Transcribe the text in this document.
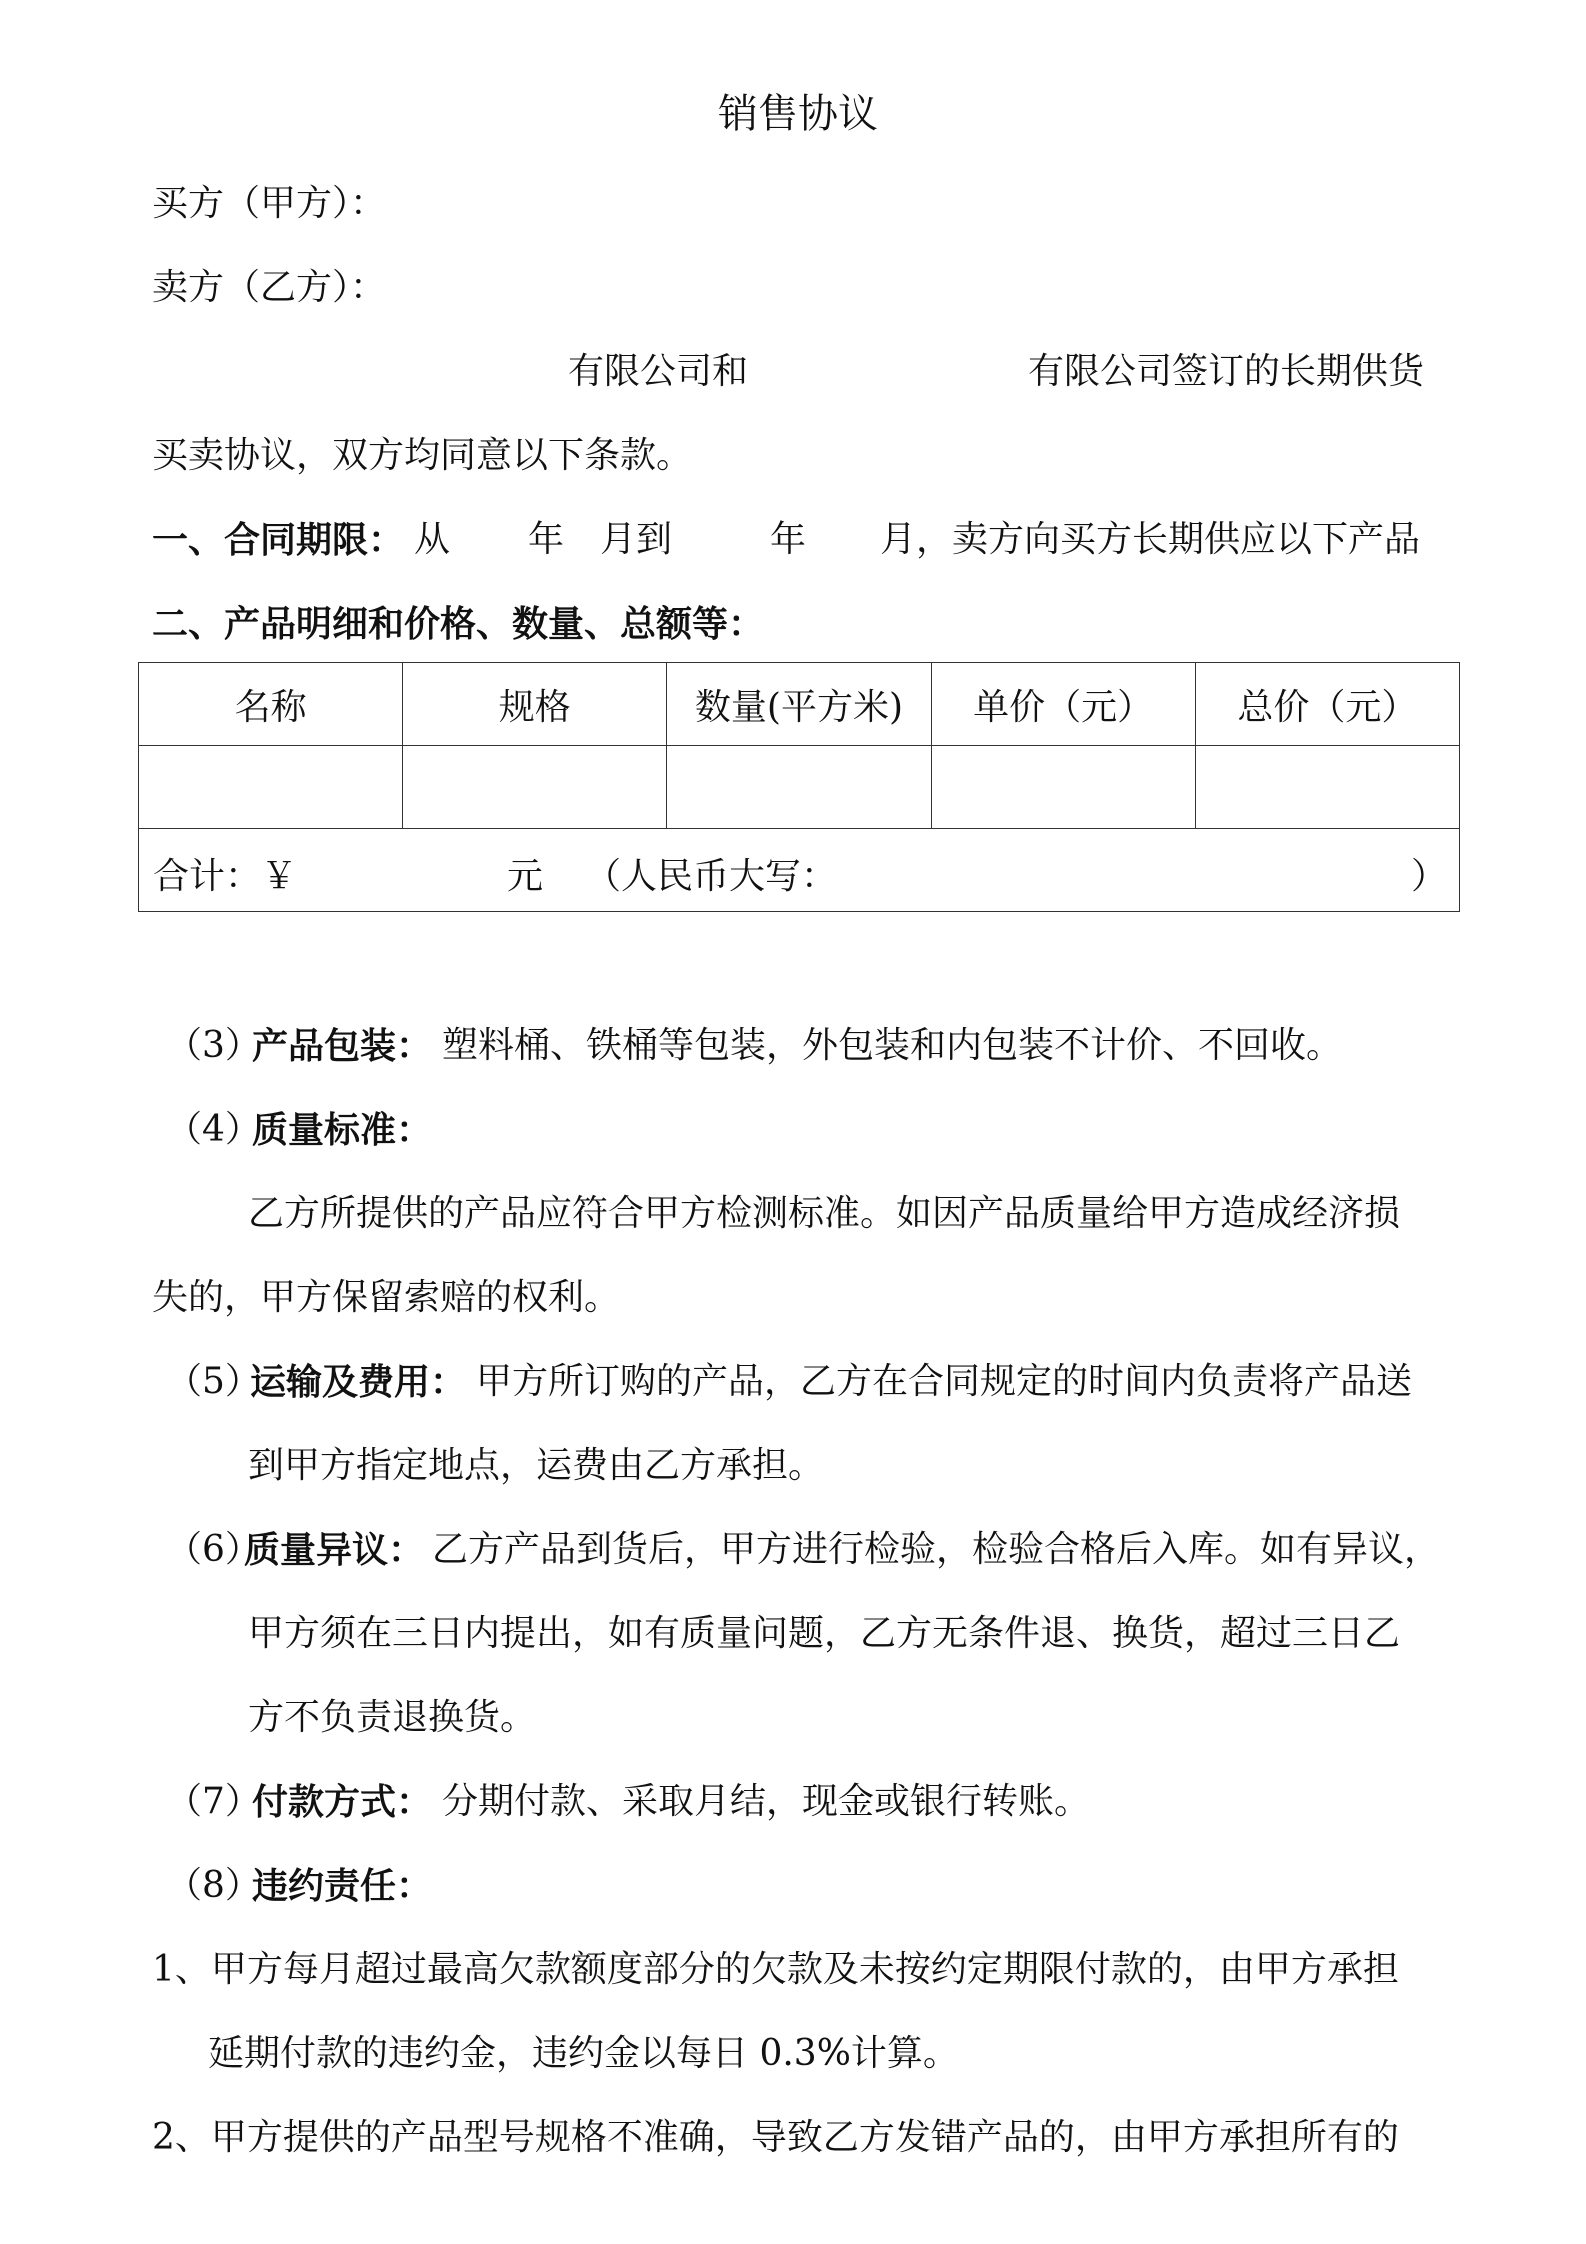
销售协议
买方（甲方）：
卖方（乙方）：
有限公司和	有限公司签订的长期供货
买卖协议，双方均同意以下条款。
一、合同期限： 从 年 月到	年 月，卖方向买方长期供应以下产品
二、产品明细和价格、数量、总额等：
名称	规格	数量(平方米)	单价（元）	总价（元）

合计：￥ 元 （人民币大写： ）				
（3）
产品包装： 塑料桶、铁桶等包装，外包装和内包装不计价、不回收。
（4）
质量标准：
乙方所提供的产品应符合甲方检测标准。如因产品质量给甲方造成经济损
失的，甲方保留索赔的权利。
（5）
运输及费用： 甲方所订购的产品，乙方在合同规定的时间内负责将产品送
到甲方指定地点，运费由乙方承担。
（6）
质量异议： 乙方产品到货后，甲方进行检验，检验合格后入库。如有异议，
甲方须在三日内提出，如有质量问题，乙方无条件退、换货，超过三日乙
方不负责退换货。
（7）
付款方式： 分期付款、采取月结，现金或银行转账。
（8）
违约责任：
1、甲方每月超过最高欠款额度部分的欠款及未按约定期限付款的，由甲方承担
延期付款的违约金，违约金以每日 0.3%计算。
2、甲方提供的产品型号规格不准确，导致乙方发错产品的，由甲方承担所有的
